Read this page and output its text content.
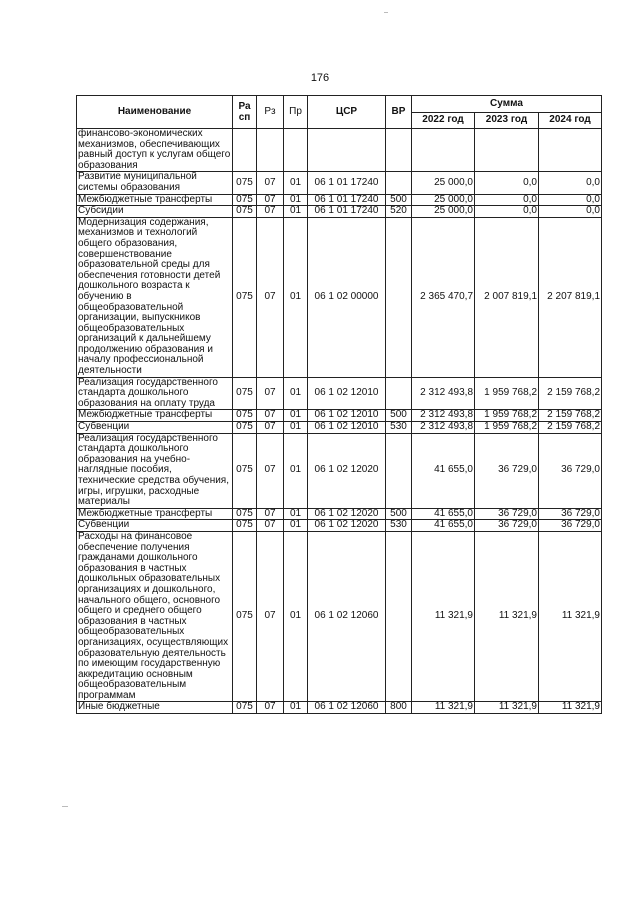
176
Наименование	Ра сп	Рз	Пр	ЦСР	ВР	Сумма		
						2022 год	2023 год	2024 год
финансово-экономических механизмов, обеспечивающих равный доступ к услугам общего образования								
Развитие муниципальной системы образования	075	07	01	06 1 01 17240		25 000,0	0,0	0,0
Межбюджетные трансферты	075	07	01	06 1 01 17240	500	25 000,0	0,0	0,0
Субсидии	075	07	01	06 1 01 17240	520	25 000,0	0,0	0,0
Модернизация содержания, механизмов и технологий общего образования, совершенствование образовательной среды для обеспечения готовности детей дошкольного возраста к обучению в общеобразовательной организации, выпускников общеобразовательных организаций к дальнейшему продолжению образования и началу профессиональной деятельности	075	07	01	06 1 02 00000		2 365 470,7	2 007 819,1	2 207 819,1
Реализация государственного стандарта дошкольного образования на оплату труда	075	07	01	06 1 02 12010		2 312 493,8	1 959 768,2	2 159 768,2
Межбюджетные трансферты	075	07	01	06 1 02 12010	500	2 312 493,8	1 959 768,2	2 159 768,2
Субвенции	075	07	01	06 1 02 12010	530	2 312 493,8	1 959 768,2	2 159 768,2
Реализация государственного стандарта дошкольного образования на учебно-наглядные пособия, технические средства обучения, игры, игрушки, расходные материалы	075	07	01	06 1 02 12020		41 655,0	36 729,0	36 729,0
Межбюджетные трансферты	075	07	01	06 1 02 12020	500	41 655,0	36 729,0	36 729,0
Субвенции	075	07	01	06 1 02 12020	530	41 655,0	36 729,0	36 729,0
Расходы на финансовое обеспечение получения гражданами дошкольного образования в частных дошкольных образовательных организациях и дошкольного, начального общего, основного общего и среднего общего образования в частных общеобразовательных организациях, осуществляющих образовательную деятельность по имеющим государственную аккредитацию основным общеобразовательным программам	075	07	01	06 1 02 12060		11 321,9	11 321,9	11 321,9
Иные бюджетные	075	07	01	06 1 02 12060	800	11 321,9	11 321,9	11 321,9
